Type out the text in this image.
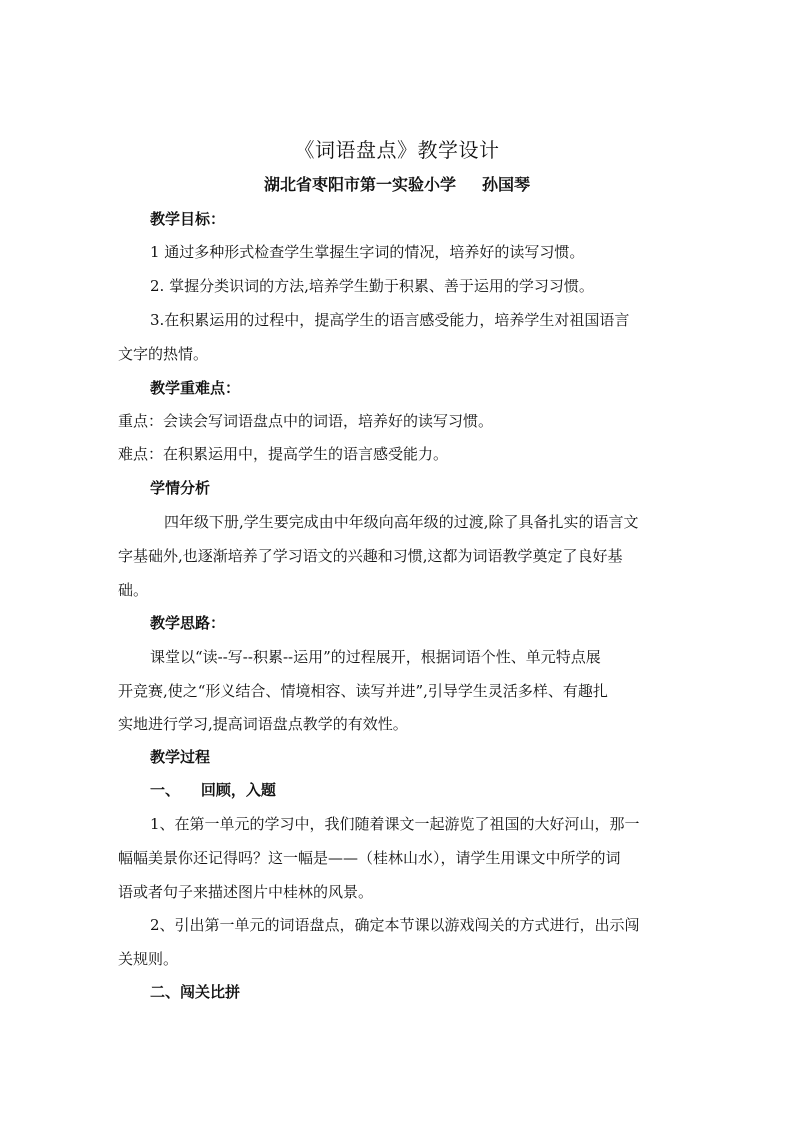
《词语盘点》教学设计
湖北省枣阳市第一实验小学 孙国琴
教学目标：
1 通过多种形式检查学生掌握生字词的情况，培养好的读写习惯。
2. 掌握分类识词的方法,培养学生勤于积累、善于运用的学习习惯。
3.在积累运用的过程中，提高学生的语言感受能力，培养学生对祖国语言
文字的热情。
教学重难点：
重点：会读会写词语盘点中的词语，培养好的读写习惯。
难点：在积累运用中，提高学生的语言感受能力。
学情分析
四年级下册,学生要完成由中年级向高年级的过渡,除了具备扎实的语言文
字基础外,也逐渐培养了学习语文的兴趣和习惯,这都为词语教学奠定了良好基
础。
教学思路：
课堂以“读--写--积累--运用”的过程展开，根据词语个性、单元特点展
开竞赛,使之“形义结合、情境相容、读写并进”,引导学生灵活多样、有趣扎
实地进行学习,提高词语盘点教学的有效性。
教学过程
一、    回顾，入题
1、在第一单元的学习中，我们随着课文一起游览了祖国的大好河山，那一
幅幅美景你还记得吗？这一幅是——（桂林山水），请学生用课文中所学的词
语或者句子来描述图片中桂林的风景。
2、引出第一单元的词语盘点，确定本节课以游戏闯关的方式进行，出示闯
关规则。
二、闯关比拼
